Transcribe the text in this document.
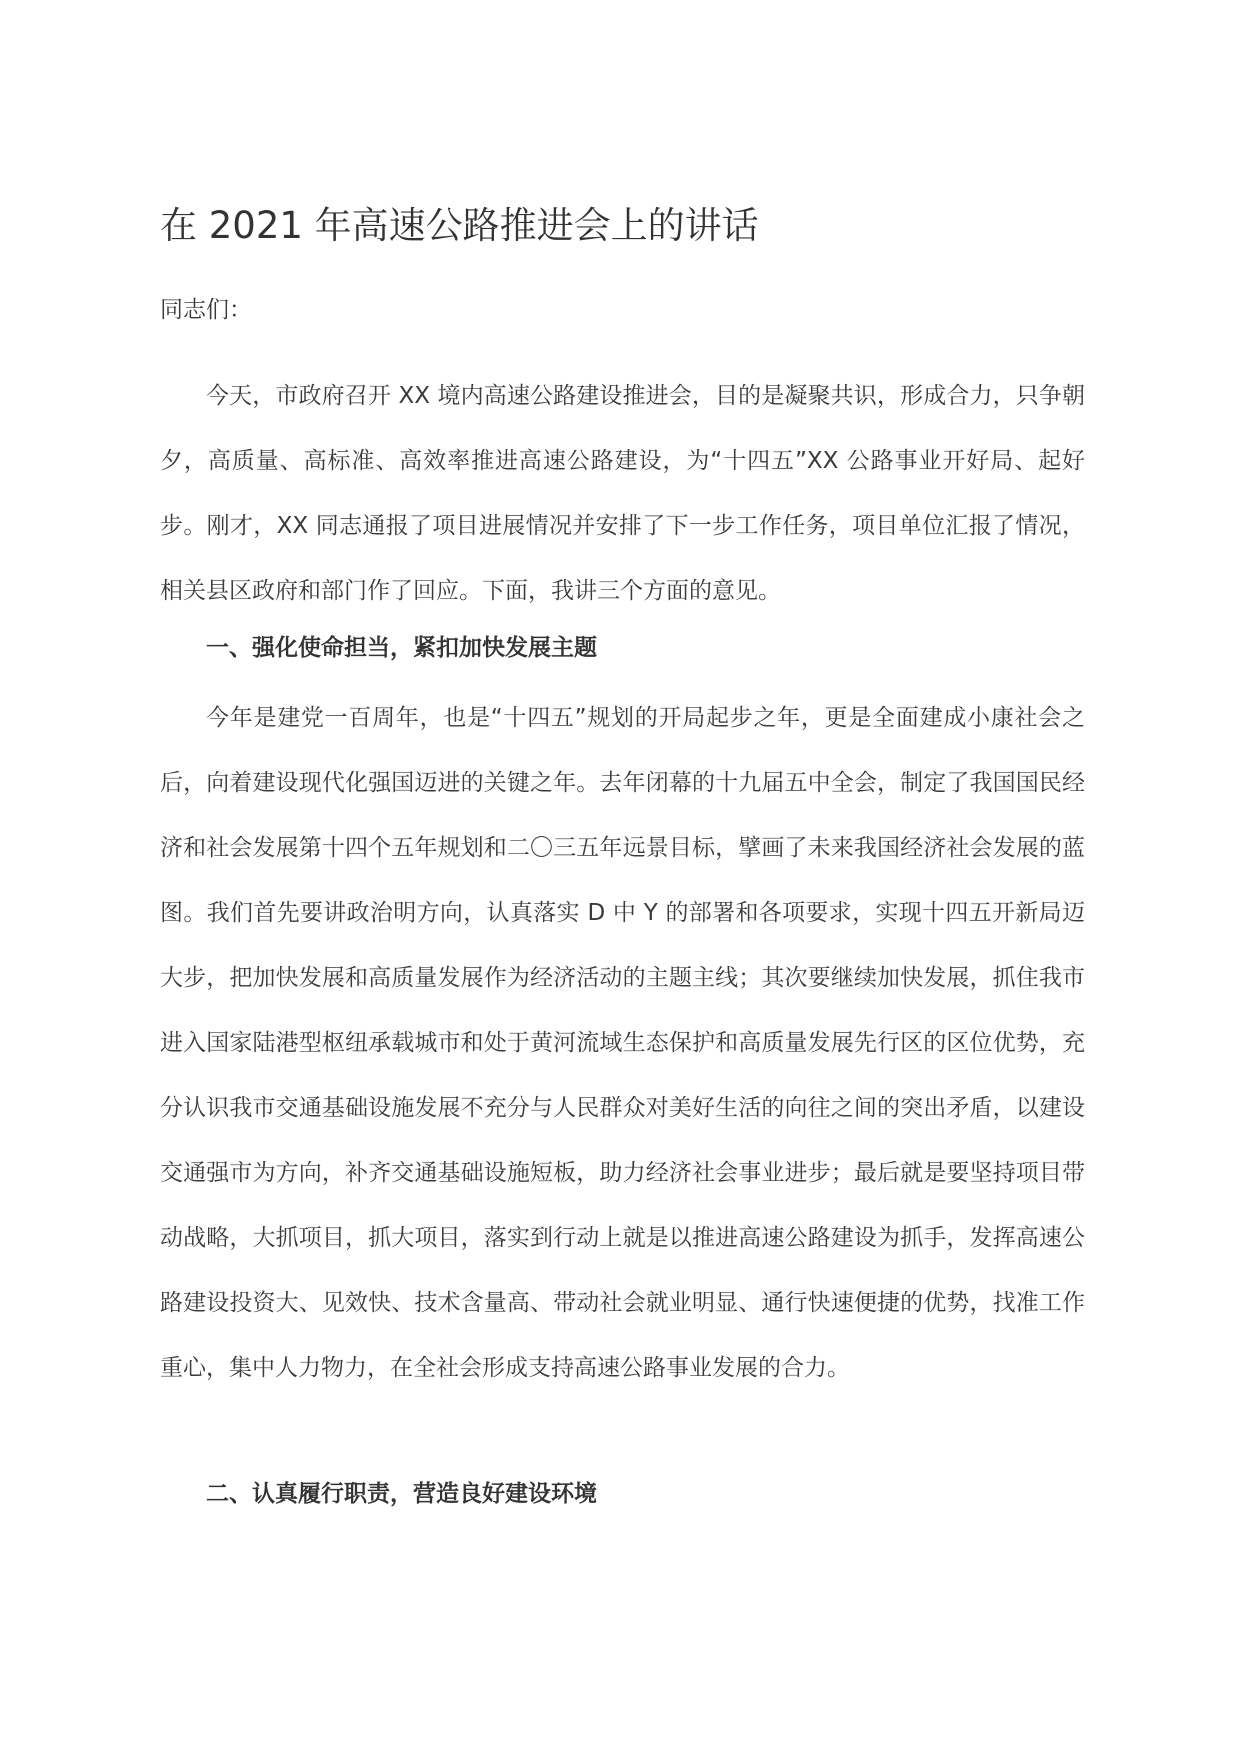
在 2021 年高速公路推进会上的讲话
同志们：

今天，市政府召开 XX 境内高速公路建设推进会，目的是凝聚共识，形成合力，只争朝夕，高质量、高标准、高效率推进高速公路建设，为“十四五”XX 公路事业开好局、起好步。刚才，XX 同志通报了项目进展情况并安排了下一步工作任务，项目单位汇报了情况，相关县区政府和部门作了回应。下面，我讲三个方面的意见。

一、强化使命担当，紧扣加快发展主题

今年是建党一百周年，也是“十四五”规划的开局起步之年，更是全面建成小康社会之后，向着建设现代化强国迈进的关键之年。去年闭幕的十九届五中全会，制定了我国国民经济和社会发展第十四个五年规划和二〇三五年远景目标，擘画了未来我国经济社会发展的蓝图。我们首先要讲政治明方向，认真落实 D 中 Y 的部署和各项要求，实现十四五开新局迈大步，把加快发展和高质量发展作为经济活动的主题主线；其次要继续加快发展，抓住我市进入国家陆港型枢纽承载城市和处于黄河流域生态保护和高质量发展先行区的区位优势，充分认识我市交通基础设施发展不充分与人民群众对美好生活的向往之间的突出矛盾，以建设交通强市为方向，补齐交通基础设施短板，助力经济社会事业进步；最后就是要坚持项目带动战略，大抓项目，抓大项目，落实到行动上就是以推进高速公路建设为抓手，发挥高速公路建设投资大、见效快、技术含量高、带动社会就业明显、通行快速便捷的优势，找准工作重心，集中人力物力，在全社会形成支持高速公路事业发展的合力。

二、认真履行职责，营造良好建设环境
